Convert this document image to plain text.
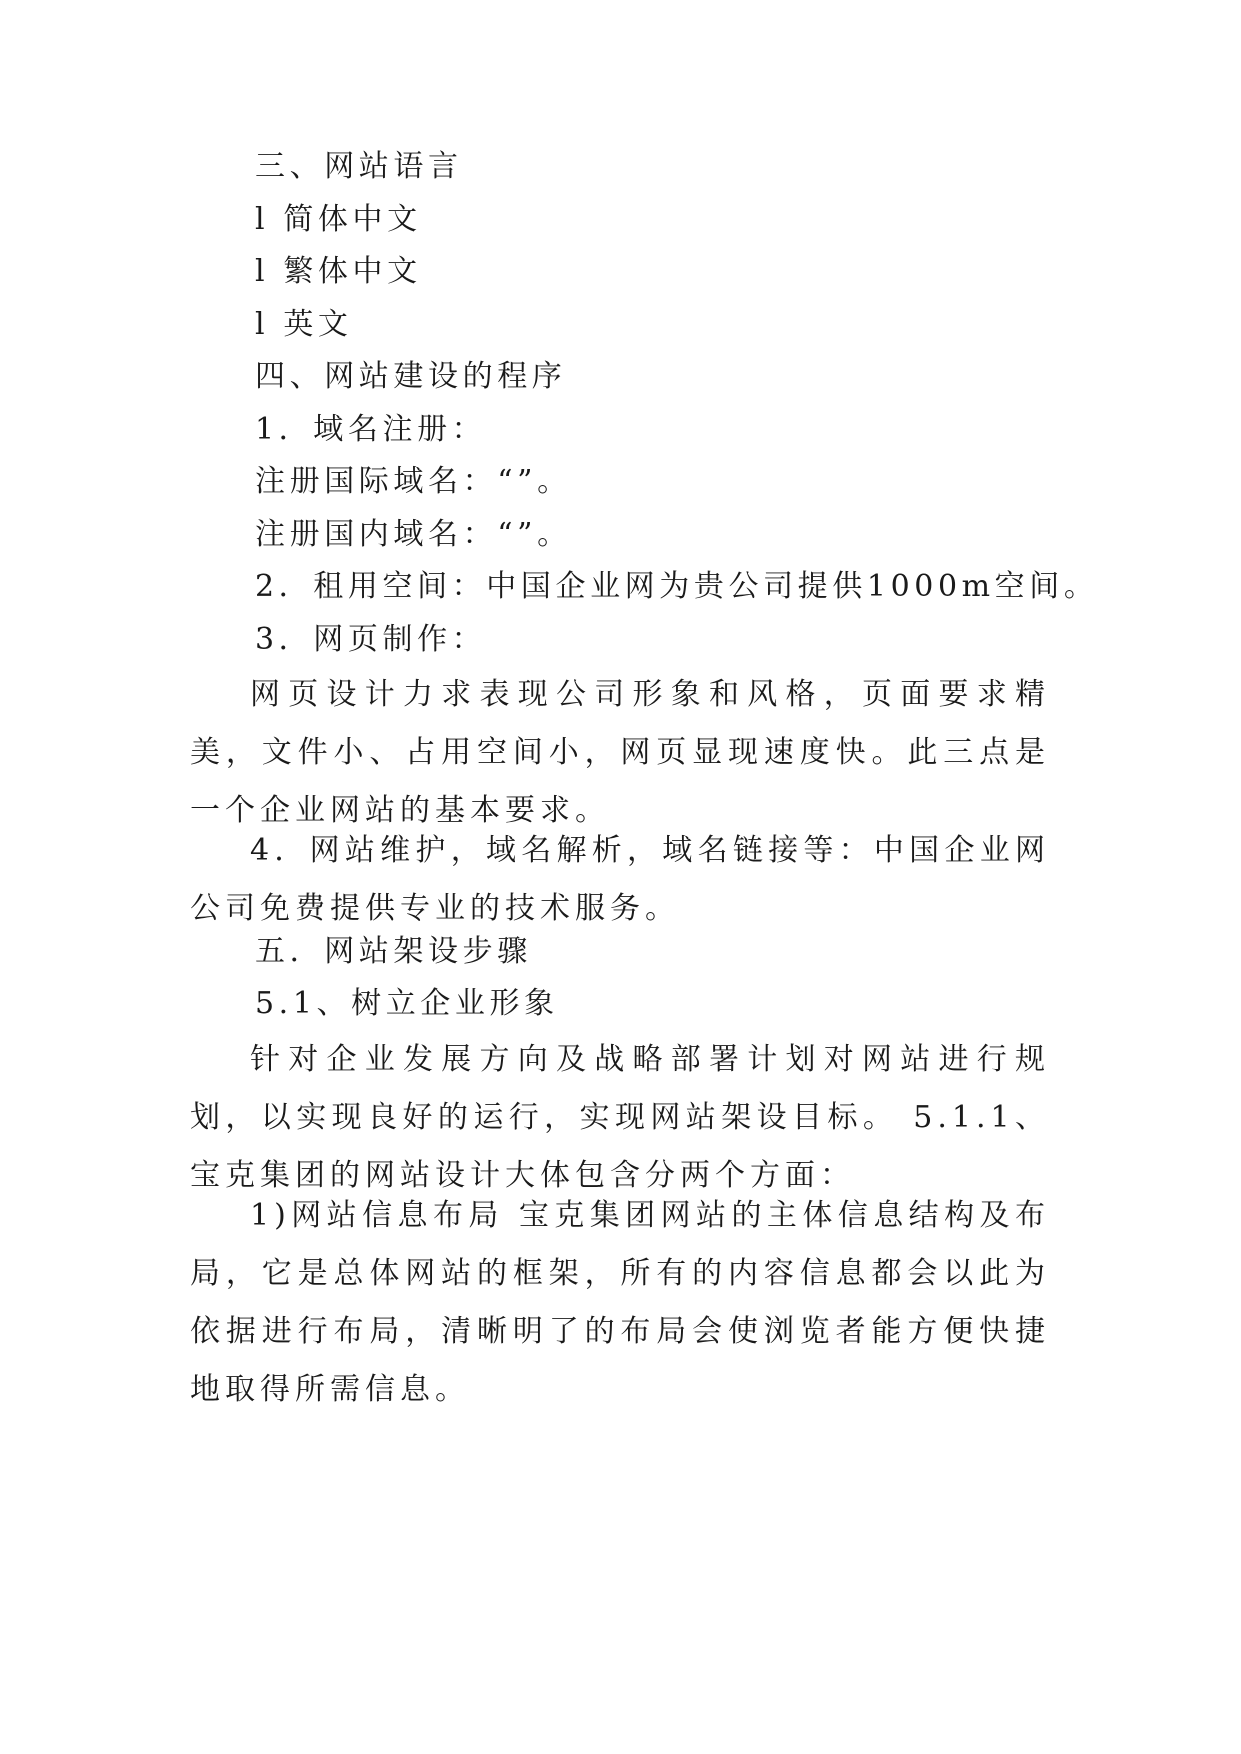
三、网站语言
l 简体中文
l 繁体中文
l 英文
四、网站建设的程序
1．域名注册：
注册国际域名：“”。
注册国内域名：“”。
2．租用空间：中国企业网为贵公司提供1000m空间。
3．网页制作：
网页设计力求表现公司形象和风格，页面要求精美，文件小、占用空间小，网页显现速度快。此三点是一个企业网站的基本要求。
4．网站维护，域名解析，域名链接等：中国企业网公司免费提供专业的技术服务。
五．网站架设步骤
5.1、树立企业形象
针对企业发展方向及战略部署计划对网站进行规划，以实现良好的运行，实现网站架设目标。 5.1.1、宝克集团的网站设计大体包含分两个方面：
1)网站信息布局 宝克集团网站的主体信息结构及布局，它是总体网站的框架，所有的内容信息都会以此为依据进行布局，清晰明了的布局会使浏览者能方便快捷地取得所需信息。
